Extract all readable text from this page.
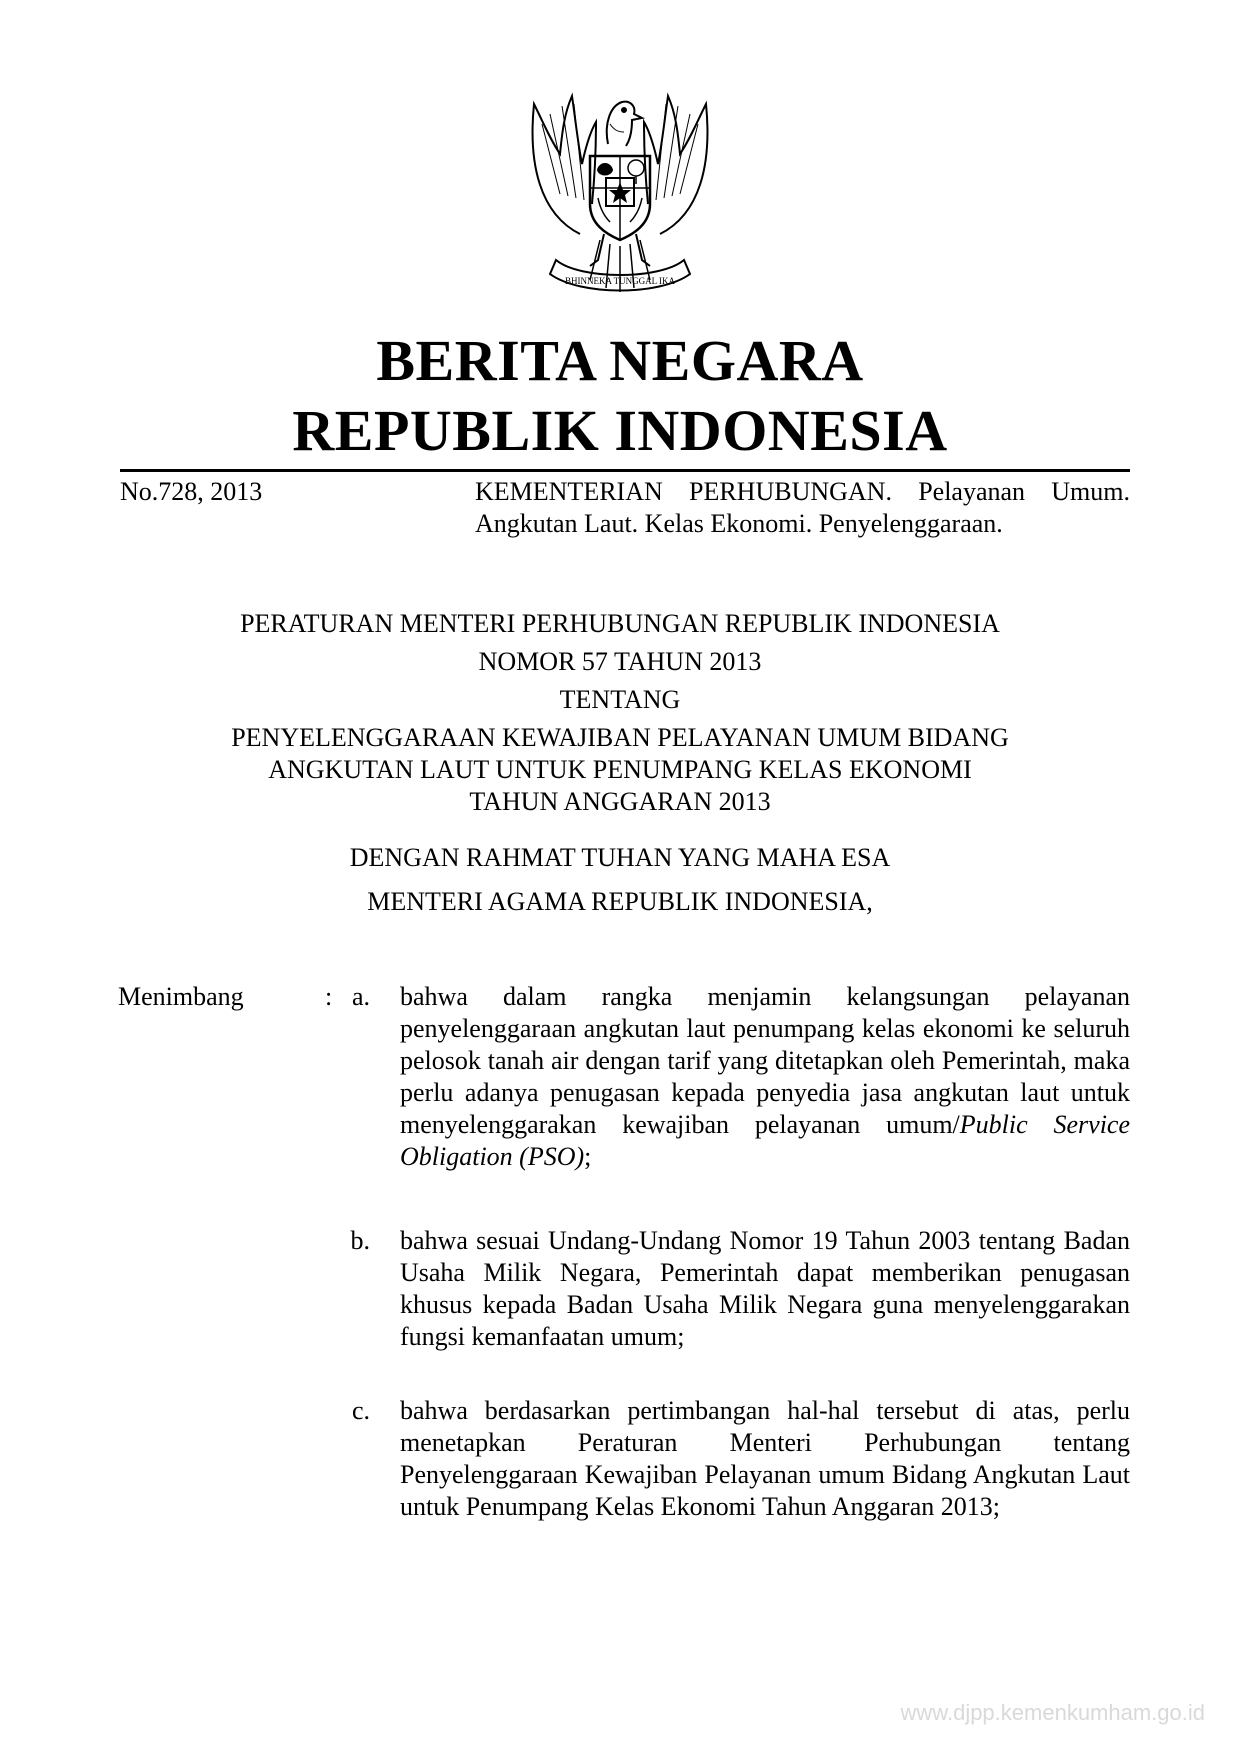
BHINNEKA TUNGGAL IKA
BERITA NEGARA
REPUBLIK INDONESIA
No.728, 2013	KEMENTERIAN PERHUBUNGAN. Pelayanan Umum. Angkutan Laut. Kelas Ekonomi. Penyelenggaraan.
PERATURAN MENTERI PERHUBUNGAN REPUBLIK INDONESIA
NOMOR 57 TAHUN 2013
TENTANG
PENYELENGGARAAN KEWAJIBAN PELAYANAN UMUM BIDANG
ANGKUTAN LAUT UNTUK PENUMPANG KELAS EKONOMI
TAHUN ANGGARAN 2013
DENGAN RAHMAT TUHAN YANG MAHA ESA
MENTERI AGAMA REPUBLIK INDONESIA,
Menimbang	: a. bahwa dalam rangka menjamin kelangsungan pelayanan penyelenggaraan angkutan laut penumpang kelas ekonomi ke seluruh pelosok tanah air dengan tarif yang ditetapkan oleh Pemerintah, maka perlu adanya penugasan kepada penyedia jasa angkutan laut untuk menyelenggarakan kewajiban pelayanan umum/Public Service Obligation (PSO);
b. bahwa sesuai Undang-Undang Nomor 19 Tahun 2003 tentang Badan Usaha Milik Negara, Pemerintah dapat memberikan penugasan khusus kepada Badan Usaha Milik Negara guna menyelenggarakan fungsi kemanfaatan umum;
c. bahwa berdasarkan pertimbangan hal-hal tersebut di atas, perlu menetapkan Peraturan Menteri Perhubungan tentang Penyelenggaraan Kewajiban Pelayanan umum Bidang Angkutan Laut untuk Penumpang Kelas Ekonomi Tahun Anggaran 2013;
www.djpp.kemenkumham.go.id
